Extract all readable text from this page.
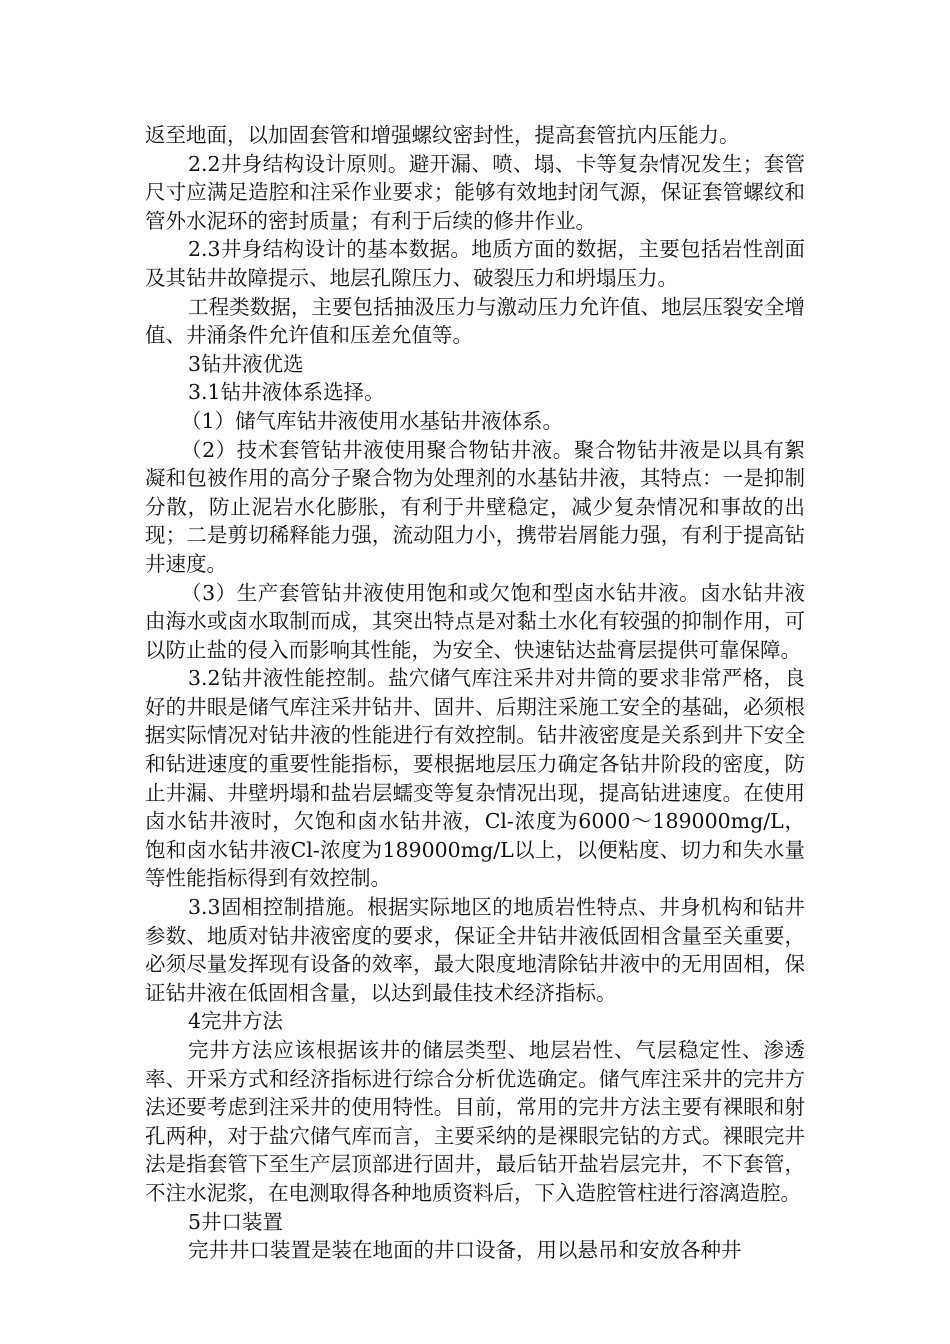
返至地面，以加固套管和增强螺纹密封性，提高套管抗内压能力。

2.2井身结构设计原则。避开漏、喷、塌、卡等复杂情况发生；套管尺寸应满足造腔和注采作业要求；能够有效地封闭气源，保证套管螺纹和管外水泥环的密封质量；有利于后续的修井作业。

2.3井身结构设计的基本数据。地质方面的数据，主要包括岩性剖面及其钻井故障提示、地层孔隙压力、破裂压力和坍塌压力。

工程类数据，主要包括抽汲压力与激动压力允许值、地层压裂安全增值、井涌条件允许值和压差允值等。

3钻井液优选

3.1钻井液体系选择。

（1）储气库钻井液使用水基钻井液体系。

（2）技术套管钻井液使用聚合物钻井液。聚合物钻井液是以具有絮凝和包被作用的高分子聚合物为处理剂的水基钻井液，其特点：一是抑制分散，防止泥岩水化膨胀，有利于井壁稳定，减少复杂情况和事故的出现；二是剪切稀释能力强，流动阻力小，携带岩屑能力强，有利于提高钻井速度。

（3）生产套管钻井液使用饱和或欠饱和型卤水钻井液。卤水钻井液由海水或卤水取制而成，其突出特点是对黏土水化有较强的抑制作用，可以防止盐的侵入而影响其性能，为安全、快速钻达盐膏层提供可靠保障。

3.2钻井液性能控制。盐穴储气库注采井对井筒的要求非常严格，良好的井眼是储气库注采井钻井、固井、后期注采施工安全的基础，必须根据实际情况对钻井液的性能进行有效控制。钻井液密度是关系到井下安全和钻进速度的重要性能指标，要根据地层压力确定各钻井阶段的密度，防止井漏、井壁坍塌和盐岩层蠕变等复杂情况出现，提高钻进速度。在使用卤水钻井液时，欠饱和卤水钻井液，Cl-浓度为6000～189000mg/L，饱和卤水钻井液Cl-浓度为189000mg/L以上，以便粘度、切力和失水量等性能指标得到有效控制。

3.3固相控制措施。根据实际地区的地质岩性特点、井身机构和钻井参数、地质对钻井液密度的要求，保证全井钻井液低固相含量至关重要，必须尽量发挥现有设备的效率，最大限度地清除钻井液中的无用固相，保证钻井液在低固相含量，以达到最佳技术经济指标。

4完井方法

完井方法应该根据该井的储层类型、地层岩性、气层稳定性、渗透率、开采方式和经济指标进行综合分析优选确定。储气库注采井的完井方法还要考虑到注采井的使用特性。目前，常用的完井方法主要有裸眼和射孔两种，对于盐穴储气库而言，主要采纳的是裸眼完钻的方式。裸眼完井法是指套管下至生产层顶部进行固井，最后钻开盐岩层完井，不下套管，不注水泥浆，在电测取得各种地质资料后，下入造腔管柱进行溶漓造腔。

5井口装置

完井井口装置是装在地面的井口设备，用以悬吊和安放各种井
